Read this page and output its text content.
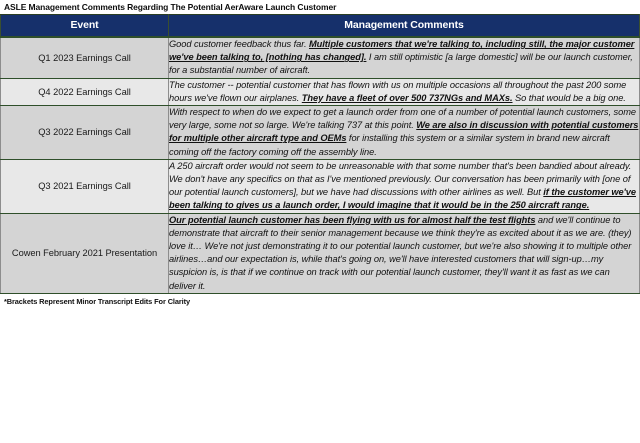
ASLE Management Comments Regarding The Potential AerAware Launch Customer
Event	Management Comments
Q1 2023 Earnings Call	Good customer feedback thus far. Multiple customers that we're talking to, including still, the major customer we've been talking to, [nothing has changed]. I am still optimistic [a large domestic] will be our launch customer, for a substantial number of aircraft.
Q4 2022 Earnings Call	The customer -- potential customer that has flown with us on multiple occasions all throughout the past 200 some hours we've flown our airplanes. They have a fleet of over 500 737NGs and MAXs. So that would be a big one.
Q3 2022 Earnings Call	With respect to when do we expect to get a launch order from one of a number of potential launch customers, some very large, some not so large. We're talking 737 at this point. We are also in discussion with potential customers for multiple other aircraft type and OEMs for installing this system or a similar system in brand new aircraft coming off the factory coming off the assembly line.
Q3 2021 Earnings Call	A 250 aircraft order would not seem to be unreasonable with that some number that's been bandied about already. We don't have any specifics on that as I've mentioned previously. Our conversation has been primarily with [one of our potential launch customers], but we have had discussions with other airlines as well. But if the customer we've been talking to gives us a launch order, I would imagine that it would be in the 250 aircraft range.
Cowen February 2021 Presentation	Our potential launch customer has been flying with us for almost half the test flights and we'll continue to demonstrate that aircraft to their senior management because we think they're as excited about it as we are. (they) love it… We're not just demonstrating it to our potential launch customer, but we're also showing it to multiple other airlines…and our expectation is, while that's going on, we'll have interested customers that will sign-up…my suspicion is, is that if we continue on track with our potential launch customer, they'll want it as fast as we can deliver it.
*Brackets Represent Minor Transcript Edits For Clarity
